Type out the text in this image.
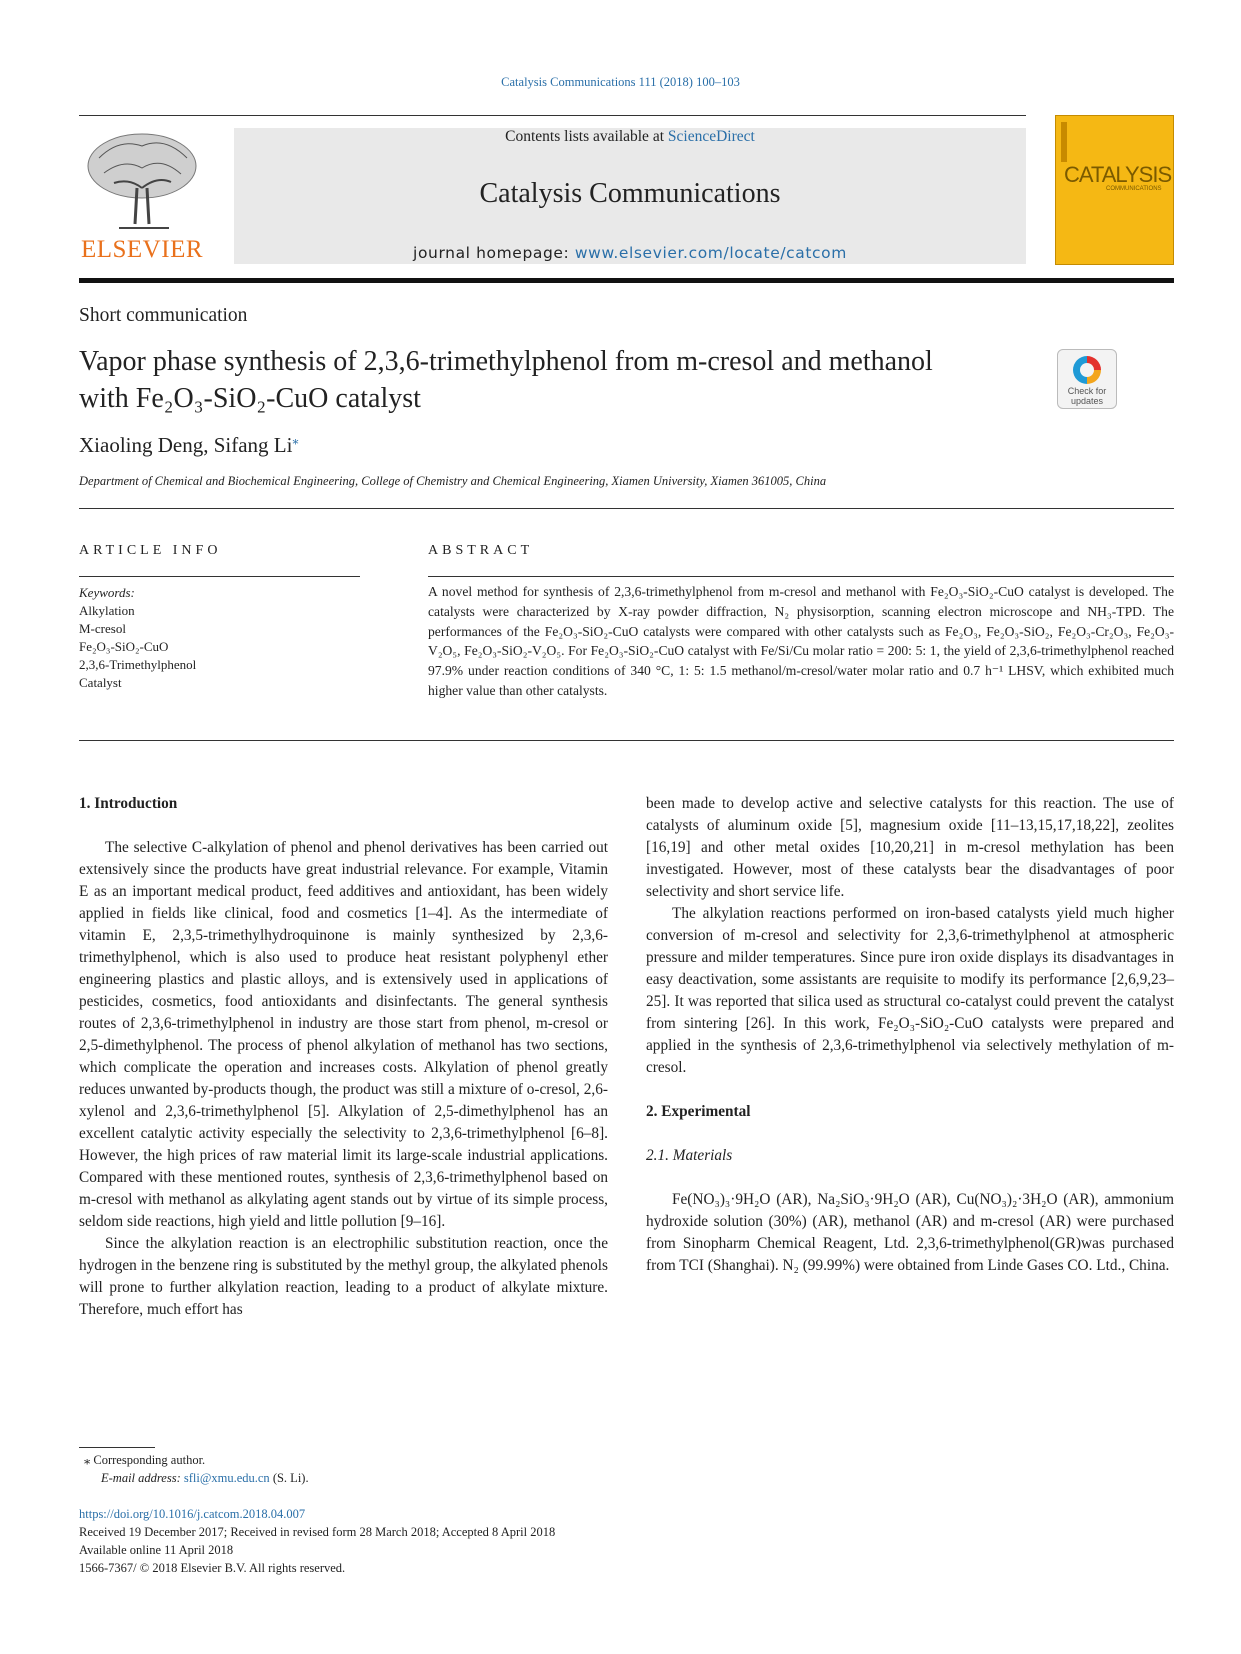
Catalysis Communications 111 (2018) 100–103
ELSEVIER
Contents lists available at ScienceDirect
Catalysis Communications
journal homepage: www.elsevier.com/locate/catcom
CATALYSIS
COMMUNICATIONS
Short communication
Vapor phase synthesis of 2,3,6-trimethylphenol from m-cresol and methanol
with Fe₂O₃-SiO₂-CuO catalyst	Check for updates
Xiaoling Deng, Sifang Li⁎
Department of Chemical and Biochemical Engineering, College of Chemistry and Chemical Engineering, Xiamen University, Xiamen 361005, China
ARTICLE INFO	ABSTRACT
Keywords:
Alkylation
M-cresol
Fe₂O₃-SiO₂-CuO
2,3,6-Trimethylphenol
Catalyst
A novel method for synthesis of 2,3,6-trimethylphenol from m-cresol and methanol with Fe₂O₃-SiO₂-CuO catalyst is developed. The catalysts were characterized by X-ray powder diffraction, N₂ physisorption, scanning electron microscope and NH₃-TPD. The performances of the Fe₂O₃-SiO₂-CuO catalysts were compared with other catalysts such as Fe₂O₃, Fe₂O₃-SiO₂, Fe₂O₃-Cr₂O₃, Fe₂O₃-V₂O₅, Fe₂O₃-SiO₂-V₂O₅. For Fe₂O₃-SiO₂-CuO catalyst with Fe/Si/Cu molar ratio = 200: 5: 1, the yield of 2,3,6-trimethylphenol reached 97.9% under reaction conditions of 340 °C, 1: 5: 1.5 methanol/m-cresol/water molar ratio and 0.7 h⁻¹ LHSV, which exhibited much higher value than other catalysts.
1. Introduction

The selective C-alkylation of phenol and phenol derivatives has been carried out extensively since the products have great industrial relevance. For example, Vitamin E as an important medical product, feed additives and antioxidant, has been widely applied in fields like clinical, food and cosmetics [1–4]. As the intermediate of vitamin E, 2,3,5-trimethylhydroquinone is mainly synthesized by 2,3,6-trimethylphenol, which is also used to produce heat resistant polyphenyl ether engineering plastics and plastic alloys, and is extensively used in applications of pesticides, cosmetics, food antioxidants and disinfectants. The general synthesis routes of 2,3,6-trimethylphenol in industry are those start from phenol, m-cresol or 2,5-dimethylphenol. The process of phenol alkylation of methanol has two sections, which complicate the operation and increases costs. Alkylation of phenol greatly reduces unwanted by-products though, the product was still a mixture of o-cresol, 2,6-xylenol and 2,3,6-trimethylphenol [5]. Alkylation of 2,5-dimethylphenol has an excellent catalytic activity especially the selectivity to 2,3,6-trimethylphenol [6–8]. However, the high prices of raw material limit its large-scale industrial applications. Compared with these mentioned routes, synthesis of 2,3,6-trimethylphenol based on m-cresol with methanol as alkylating agent stands out by virtue of its simple process, seldom side reactions, high yield and little pollution [9–16].

Since the alkylation reaction is an electrophilic substitution reaction, once the hydrogen in the benzene ring is substituted by the methyl group, the alkylated phenols will prone to further alkylation reaction, leading to a product of alkylate mixture. Therefore, much effort has

been made to develop active and selective catalysts for this reaction. The use of catalysts of aluminum oxide [5], magnesium oxide [11–13,15,17,18,22], zeolites [16,19] and other metal oxides [10,20,21] in m-cresol methylation has been investigated. However, most of these catalysts bear the disadvantages of poor selectivity and short service life.

The alkylation reactions performed on iron-based catalysts yield much higher conversion of m-cresol and selectivity for 2,3,6-trimethylphenol at atmospheric pressure and milder temperatures. Since pure iron oxide displays its disadvantages in easy deactivation, some assistants are requisite to modify its performance [2,6,9,23–25]. It was reported that silica used as structural co-catalyst could prevent the catalyst from sintering [26]. In this work, Fe₂O₃-SiO₂-CuO catalysts were prepared and applied in the synthesis of 2,3,6-trimethylphenol via selectively methylation of m-cresol.

2. Experimental
2.1. Materials

Fe(NO₃)₃·9H₂O (AR), Na₂SiO₃·9H₂O (AR), Cu(NO₃)₂·3H₂O (AR), ammonium hydroxide solution (30%) (AR), methanol (AR) and m-cresol (AR) were purchased from Sinopharm Chemical Reagent, Ltd. 2,3,6-trimethylphenol(GR)was purchased from TCI (Shanghai). N₂ (99.99%) were obtained from Linde Gases CO. Ltd., China.

⁎ Corresponding author.
E-mail address: sfli@xmu.edu.cn (S. Li).
https://doi.org/10.1016/j.catcom.2018.04.007
Received 19 December 2017; Received in revised form 28 March 2018; Accepted 8 April 2018
Available online 11 April 2018
1566-7367/ © 2018 Elsevier B.V. All rights reserved.
